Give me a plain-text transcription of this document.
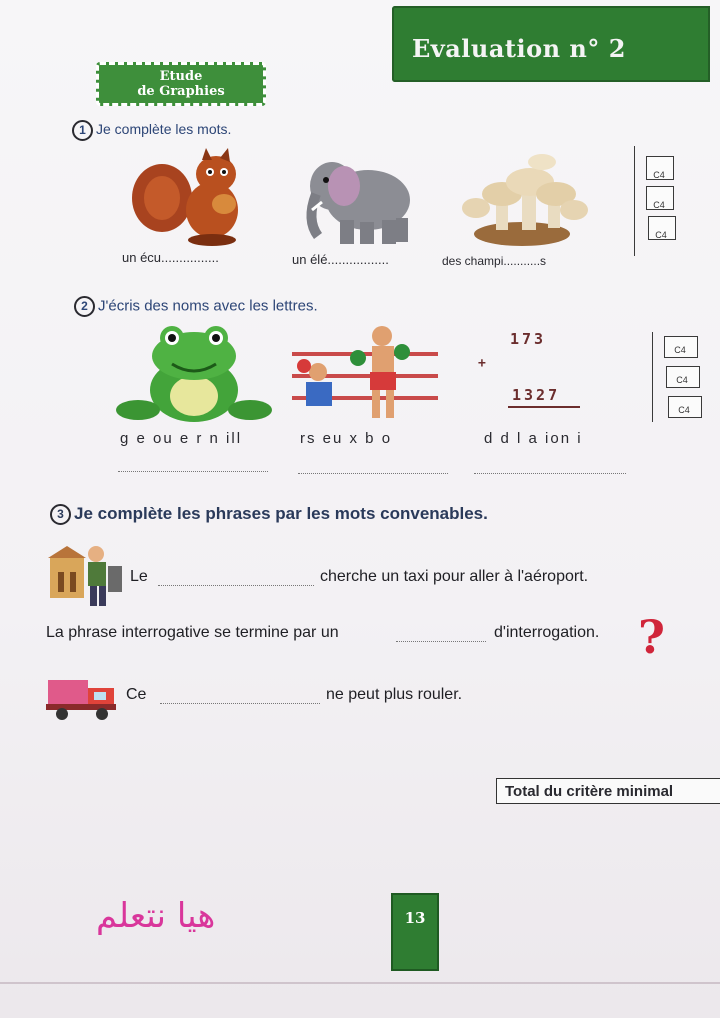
Evaluation n° 2
Etude
de Graphies
1 Je complète les mots.
un écu................	un élé.................	des champi...........s
C4
C4
C4
2 J'écris des noms avec les lettres.
173
+
1327
g e ou e r n ill	rs eu x b o	d d l a ion i
C4
C4
C4
3 Je complète les phrases par les mots convenables.
Le	cherche un taxi pour aller à l'aéroport.
La phrase interrogative se termine par un	d'interrogation. ?
Ce	ne peut plus rouler.
Total du critère minimal
هيا نتعلم	13
